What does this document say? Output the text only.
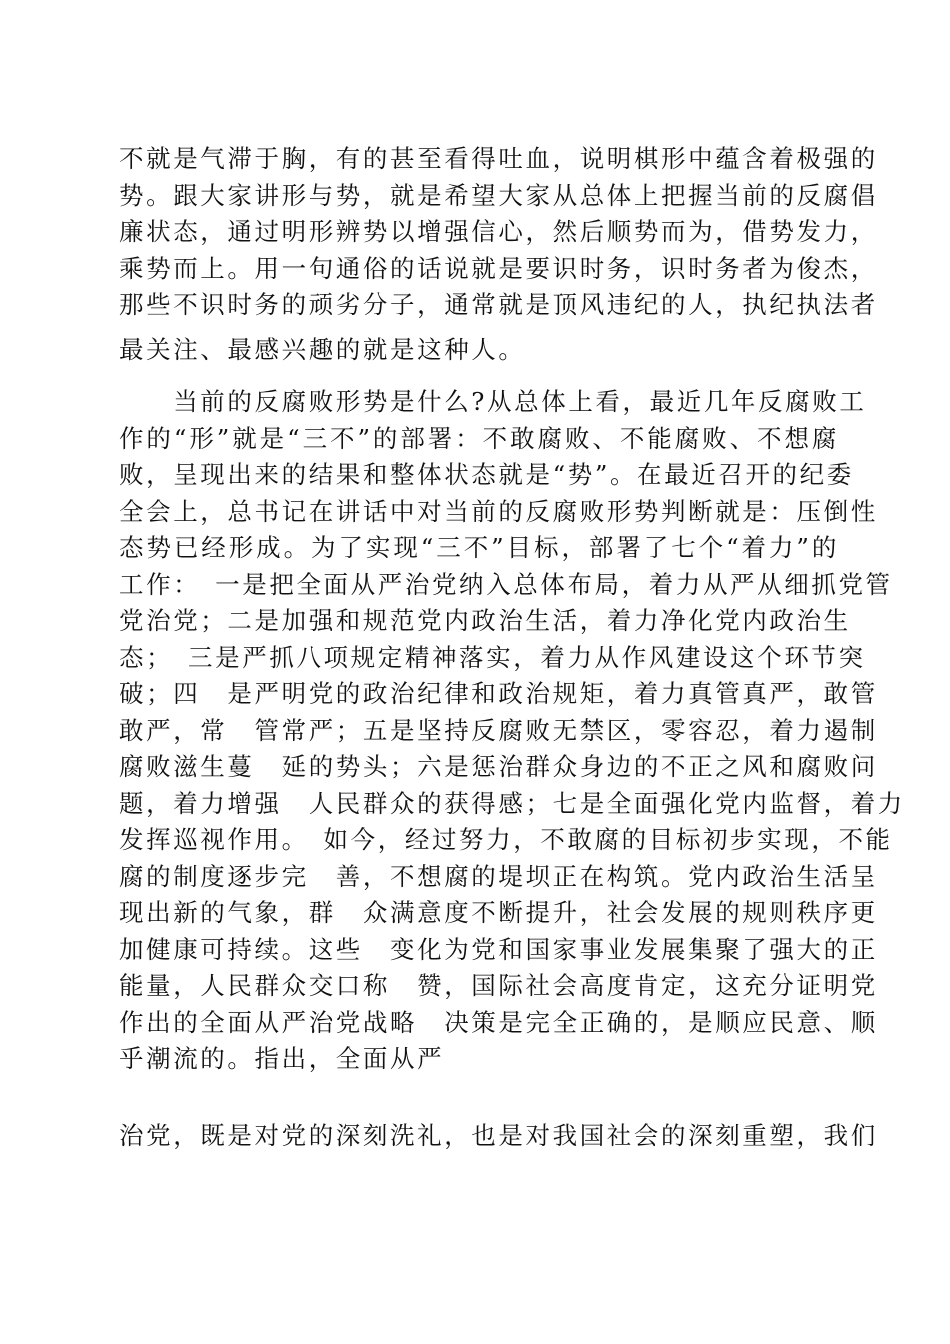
不就是气滞于胸，有的甚至看得吐血，说明棋形中蕴含着极强的
势。跟大家讲形与势，就是希望大家从总体上把握当前的反腐倡
廉状态，通过明形辨势以增强信心，然后顺势而为，借势发力，
乘势而上。用一句通俗的话说就是要识时务，识时务者为俊杰，
那些不识时务的顽劣分子，通常就是顶风违纪的人，执纪执法者
最关注、最感兴趣的就是这种人。
　　当前的反腐败形势是什么?从总体上看，最近几年反腐败工
作的“形”就是“三不”的部署：不敢腐败、不能腐败、不想腐
败，呈现出来的结果和整体状态就是“势”。在最近召开的纪委
全会上，总书记在讲话中对当前的反腐败形势判断就是：压倒性
态势已经形成。为了实现“三不”目标，部署了七个“着力”的
工作：　一是把全面从严治党纳入总体布局，着力从严从细抓党管
党治党；二是加强和规范党内政治生活，着力净化党内政治生
态；　三是严抓八项规定精神落实，着力从作风建设这个环节突
破；四　是严明党的政治纪律和政治规矩，着力真管真严，敢管
敢严，常　管常严；五是坚持反腐败无禁区，零容忍，着力遏制
腐败滋生蔓　延的势头；六是惩治群众身边的不正之风和腐败问
题，着力增强　人民群众的获得感；七是全面强化党内监督，着力
发挥巡视作用。　如今，经过努力，不敢腐的目标初步实现，不能
腐的制度逐步完　善，不想腐的堤坝正在构筑。党内政治生活呈
现出新的气象，群　众满意度不断提升，社会发展的规则秩序更
加健康可持续。这些　变化为党和国家事业发展集聚了强大的正
能量，人民群众交口称　赞，国际社会高度肯定，这充分证明党
作出的全面从严治党战略　决策是完全正确的，是顺应民意、顺
乎潮流的。指出，全面从严
治党，既是对党的深刻洗礼，也是对我国社会的深刻重塑，我们
